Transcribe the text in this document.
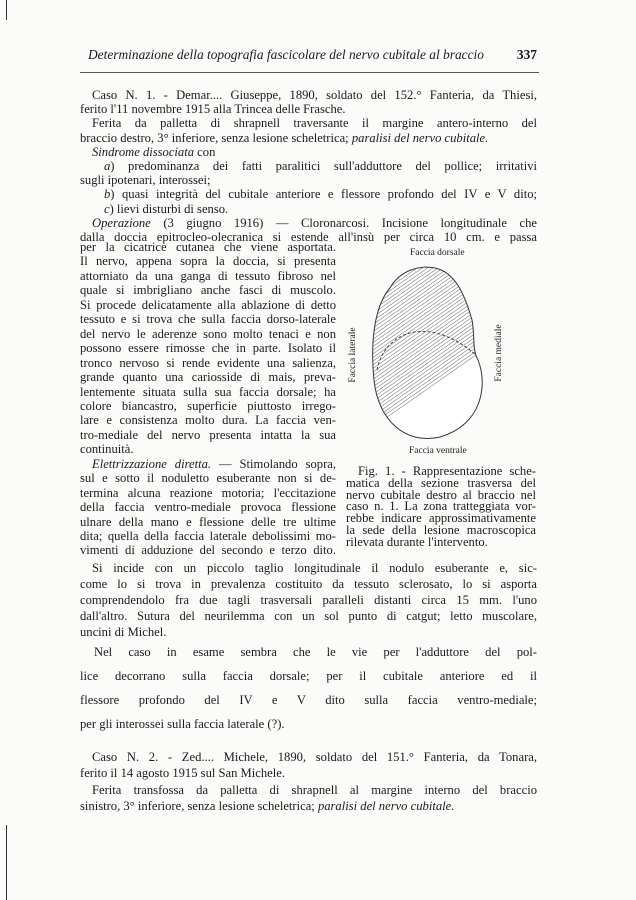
Determinazione della topografia fascicolare del nervo cubitale al braccio 337
Faccia dorsale
Faccia ventrale
Faccia laterale	Faccia mediale
Caso N. 1. - Demar.... Giuseppe, 1890, soldato del 152.° Fanteria, da Thiesi,
ferito l'11 novembre 1915 alla Trincea delle Frasche.
Ferita da palletta di shrapnell traversante il margine antero-interno del
braccio destro, 3° inferiore, senza lesione scheletrica; paralisi del nervo cubitale.
Sindrome dissociata con
a) predominanza dei fatti paralitici sull'adduttore del pollice; irritativi
sugli ipotenari, interossei;
b) quasi integrità del cubitale anteriore e flessore profondo del IV e V dito;
c) lievi disturbi di senso.
Operazione (3 giugno 1916) — Cloronarcosi. Incisione longitudinale che
dalla doccia epitrocleo-olecranica si estende all'insù per circa 10 cm. e passa
per la cicatrice cutanea che viene asportata.
Il nervo, appena sopra la doccia, si presenta
attorniato da una ganga di tessuto fibroso nel
quale si imbrigliano anche fasci di muscolo.
Si procede delicatamente alla ablazione di detto
tessuto e si trova che sulla faccia dorso-laterale
del nervo le aderenze sono molto tenaci e non
possono essere rimosse che in parte. Isolato il
tronco nervoso si rende evidente una salienza,
grande quanto una cariosside di mais, preva-
lentemente situata sulla sua faccia dorsale; ha
colore biancastro, superficie piuttosto irrego-
lare e consistenza molto dura. La faccia ven-
tro-mediale del nervo presenta intatta la sua
continuità.
Elettrizzazione diretta. — Stimolando sopra,
sul e sotto il noduletto esuberante non si de-
termina alcuna reazione motoria; l'eccitazione
della faccia ventro-mediale provoca flessione
ulnare della mano e flessione delle tre ultime
dita; quella della faccia laterale debolissimi mo-
vimenti di adduzione del secondo e terzo dito.
Si incide con un piccolo taglio longitudinale il nodulo esuberante e, sic-
come lo si trova in prevalenza costituito da tessuto sclerosato, lo si asporta
comprendendolo fra due tagli trasversali paralleli distanti circa 15 mm. l'uno
dall'altro. Sutura del neurilemma con un sol punto di catgut; letto muscolare,
uncini di Michel.
Nel caso in esame sembra che le vie per l'adduttore del pol-
lice decorrano sulla faccia dorsale; per il cubitale anteriore ed il
flessore profondo del IV e V dito sulla faccia ventro-mediale;
per gli interossei sulla faccia laterale (?).
Caso N. 2. - Zed.... Michele, 1890, soldato del 151.° Fanteria, da Tonara,
ferito il 14 agosto 1915 sul San Michele.
Ferita transfossa da palletta di shrapnell al margine interno del braccio
sinistro, 3° inferiore, senza lesione scheletrica; paralisi del nervo cubitale.
Fig. 1. - Rappresentazione sche-
matica della sezione trasversa del
nervo cubitale destro al braccio nel
caso n. 1. La zona tratteggiata vor-
rebbe indicare approssimativamente
la sede della lesione macroscopica
rilevata durante l'intervento.
